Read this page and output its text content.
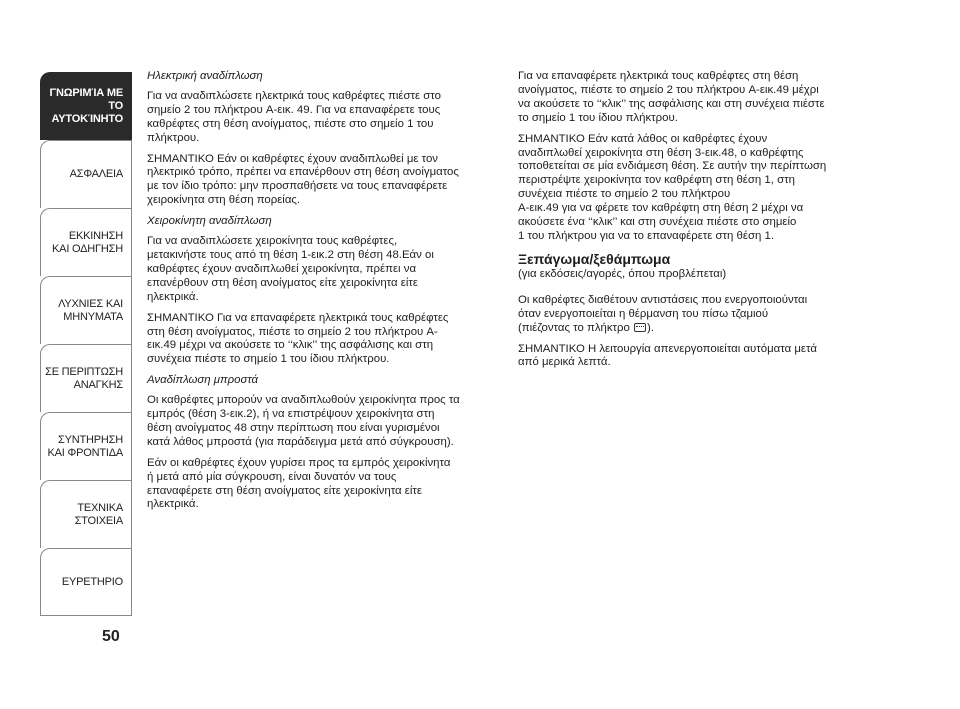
ΓΝΩΡΙΜΊΑ ΜΕ
ΤΟ ΑΥΤΟΚΊΝΗΤΟ
ΑΣΦΑΛΕΙΑ
ΕΚΚΙΝΗΣΗ
ΚΑΙ ΟΔΗΓΗΣΗ
ΛΥΧΝΙΕΣ ΚΑΙ
ΜΗΝΥΜΑΤΑ
ΣΕ ΠΕΡΙΠΤΩΣΗ
ΑΝΑΓΚΗΣ
ΣΥΝΤΗΡΗΣΗ
ΚΑΙ ΦΡΟΝΤΙΔΑ
ΤΕΧΝΙΚΑ
ΣΤΟΙΧΕΙΑ
ΕΥΡΕΤΗΡΙΟ
50

Ηλεκτρική αναδίπλωση

Για να αναδιπλώσετε ηλεκτρικά τους καθρέφτες πιέστε στο
σημείο 2 του πλήκτρου A-εικ. 49. Για να επαναφέρετε τους
καθρέφτες στη θέση ανοίγματος, πιέστε στο σημείο 1 του
πλήκτρου.

ΣΗΜΑΝΤΙΚΟ Εάν οι καθρέφτες έχουν αναδιπλωθεί με τον
ηλεκτρικό τρόπο, πρέπει να επανέρθουν στη θέση ανοίγματος
με τον ίδιο τρόπο: μην προσπαθήσετε να τους επαναφέρετε
χειροκίνητα στη θέση πορείας.

Χειροκίνητη αναδίπλωση

Για να αναδιπλώσετε χειροκίνητα τους καθρέφτες,
μετακινήστε τους από τη θέση 1-εικ.2 στη θέση 48.Εάν οι
καθρέφτες έχουν αναδιπλωθεί χειροκίνητα, πρέπει να
επανέρθουν στη θέση ανοίγματος είτε χειροκίνητα είτε
ηλεκτρικά.

ΣΗΜΑΝΤΙΚΟ Για να επαναφέρετε ηλεκτρικά τους καθρέφτες
στη θέση ανοίγματος, πιέστε το σημείο 2 του πλήκτρου A-
εικ.49 μέχρι να ακούσετε το ‘‘κλικ’’ της ασφάλισης και στη
συνέχεια πιέστε το σημείο 1 του ίδιου πλήκτρου.

Αναδίπλωση μπροστά

Οι καθρέφτες μπορούν να αναδιπλωθούν χειροκίνητα προς τα
εμπρός (θέση 3-εικ.2), ή να επιστρέψουν χειροκίνητα στη
θέση ανοίγματος 48 στην περίπτωση που είναι γυρισμένοι
κατά λάθος μπροστά (για παράδειγμα μετά από σύγκρουση).

Εάν οι καθρέφτες έχουν γυρίσει προς τα εμπρός χειροκίνητα
ή μετά από μία σύγκρουση, είναι δυνατόν να τους
επαναφέρετε στη θέση ανοίγματος είτε χειροκίνητα είτε
ηλεκτρικά.

Για να επαναφέρετε ηλεκτρικά τους καθρέφτες στη θέση
ανοίγματος, πιέστε το σημείο 2 του πλήκτρου A-εικ.49 μέχρι
να ακούσετε το ‘‘κλικ’’ της ασφάλισης και στη συνέχεια πιέστε
το σημείο 1 του ίδιου πλήκτρου.

ΣΗΜΑΝΤΙΚΟ Εάν κατά λάθος οι καθρέφτες έχουν
αναδιπλωθεί χειροκίνητα στη θέση 3-εικ.48, ο καθρέφτης
τοποθετείται σε μία ενδιάμεση θέση. Σε αυτήν την περίπτωση
περιστρέψτε χειροκίνητα τον καθρέφτη στη θέση 1, στη
συνέχεια πιέστε το σημείο 2 του πλήκτρου
A-εικ.49 για να φέρετε τον καθρέφτη στη θέση 2 μέχρι να
ακούσετε ένα ‘‘κλικ’’ και στη συνέχεια πιέστε στο σημείο
1 του πλήκτρου για να το επαναφέρετε στη θέση 1.

Ξεπάγωμα/ξεθάμπωμα

(για εκδόσεις/αγορές, όπου προβλέπεται)

Οι καθρέφτες διαθέτουν αντιστάσεις που ενεργοποιούνται
όταν ενεργοποιείται η θέρμανση του πίσω τζαμιού
(πιέζοντας το πλήκτρο ).

ΣΗΜΑΝΤΙΚΟ Η λειτουργία απενεργοποιείται αυτόματα μετά
από μερικά λεπτά.
